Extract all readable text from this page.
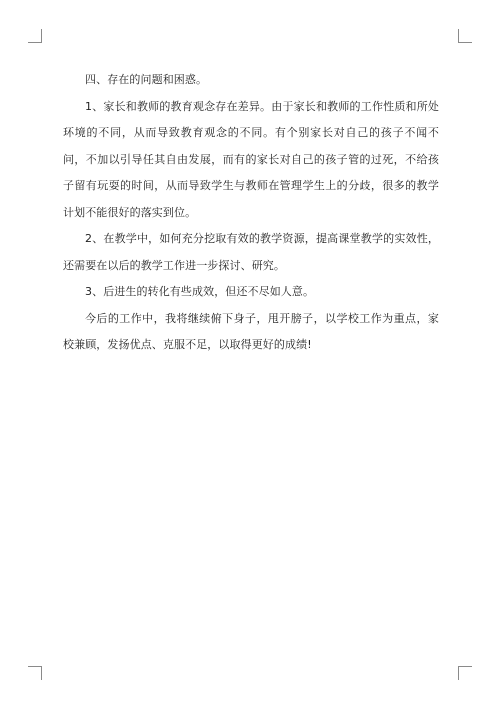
四、存在的问题和困惑。

1、家长和教师的教育观念存在差异。由于家长和教师的工作性质和所处环境的不同，从而导致教育观念的不同。有个别家长对自己的孩子不闻不问，不加以引导任其自由发展，而有的家长对自己的孩子管的过死，不给孩子留有玩耍的时间，从而导致学生与教师在管理学生上的分歧，很多的教学计划不能很好的落实到位。

2、在教学中，如何充分挖取有效的教学资源，提高课堂教学的实效性，还需要在以后的教学工作进一步探讨、研究。

3、后进生的转化有些成效，但还不尽如人意。

今后的工作中，我将继续俯下身子，甩开膀子，以学校工作为重点，家校兼顾，发扬优点、克服不足，以取得更好的成绩!
